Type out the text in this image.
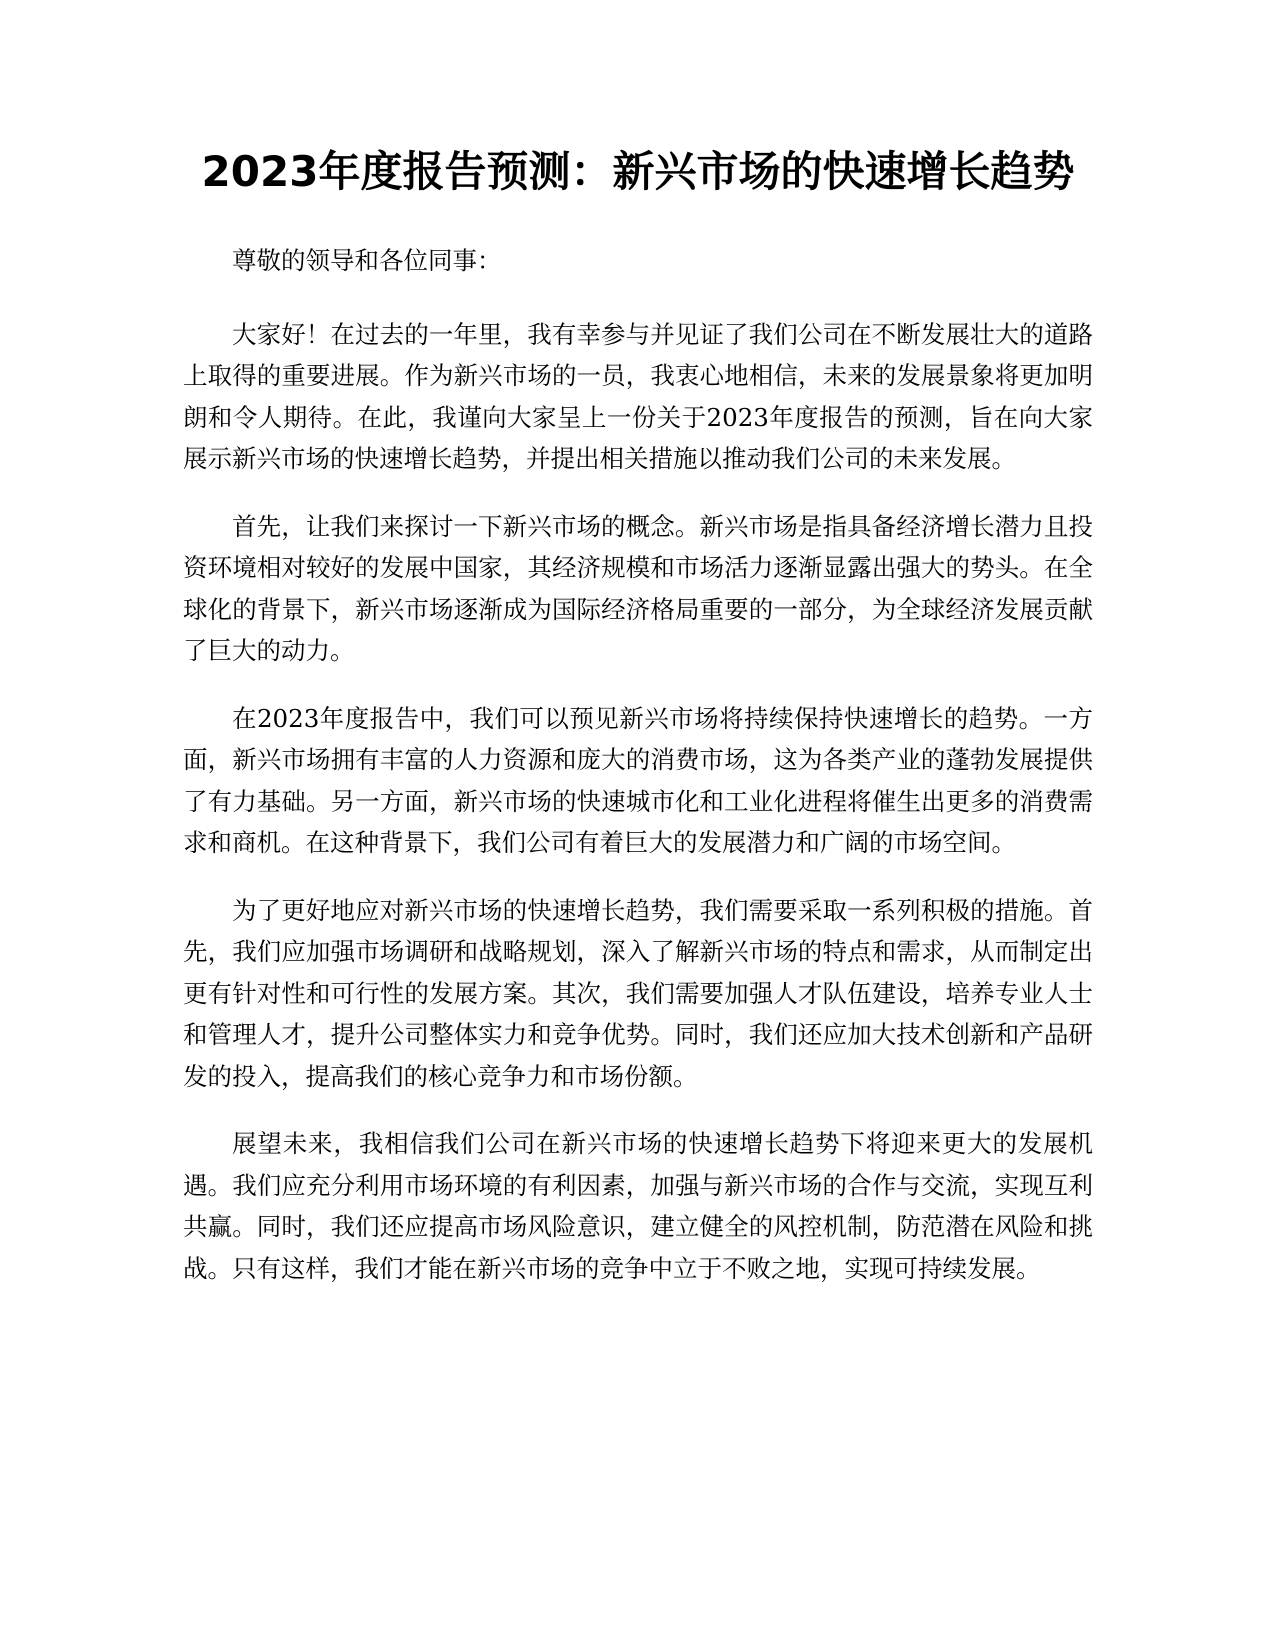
2023年度报告预测：新兴市场的快速增长趋势

尊敬的领导和各位同事：

大家好！在过去的一年里，我有幸参与并见证了我们公司在不断发展壮大的道路上取得的重要进展。作为新兴市场的一员，我衷心地相信，未来的发展景象将更加明朗和令人期待。在此，我谨向大家呈上一份关于2023年度报告的预测，旨在向大家展示新兴市场的快速增长趋势，并提出相关措施以推动我们公司的未来发展。

首先，让我们来探讨一下新兴市场的概念。新兴市场是指具备经济增长潜力且投资环境相对较好的发展中国家，其经济规模和市场活力逐渐显露出强大的势头。在全球化的背景下，新兴市场逐渐成为国际经济格局重要的一部分，为全球经济发展贡献了巨大的动力。

在2023年度报告中，我们可以预见新兴市场将持续保持快速增长的趋势。一方面，新兴市场拥有丰富的人力资源和庞大的消费市场，这为各类产业的蓬勃发展提供了有力基础。另一方面，新兴市场的快速城市化和工业化进程将催生出更多的消费需求和商机。在这种背景下，我们公司有着巨大的发展潜力和广阔的市场空间。

为了更好地应对新兴市场的快速增长趋势，我们需要采取一系列积极的措施。首先，我们应加强市场调研和战略规划，深入了解新兴市场的特点和需求，从而制定出更有针对性和可行性的发展方案。其次，我们需要加强人才队伍建设，培养专业人士和管理人才，提升公司整体实力和竞争优势。同时，我们还应加大技术创新和产品研发的投入，提高我们的核心竞争力和市场份额。

展望未来，我相信我们公司在新兴市场的快速增长趋势下将迎来更大的发展机遇。我们应充分利用市场环境的有利因素，加强与新兴市场的合作与交流，实现互利共赢。同时，我们还应提高市场风险意识，建立健全的风控机制，防范潜在风险和挑战。只有这样，我们才能在新兴市场的竞争中立于不败之地，实现可持续发展。
